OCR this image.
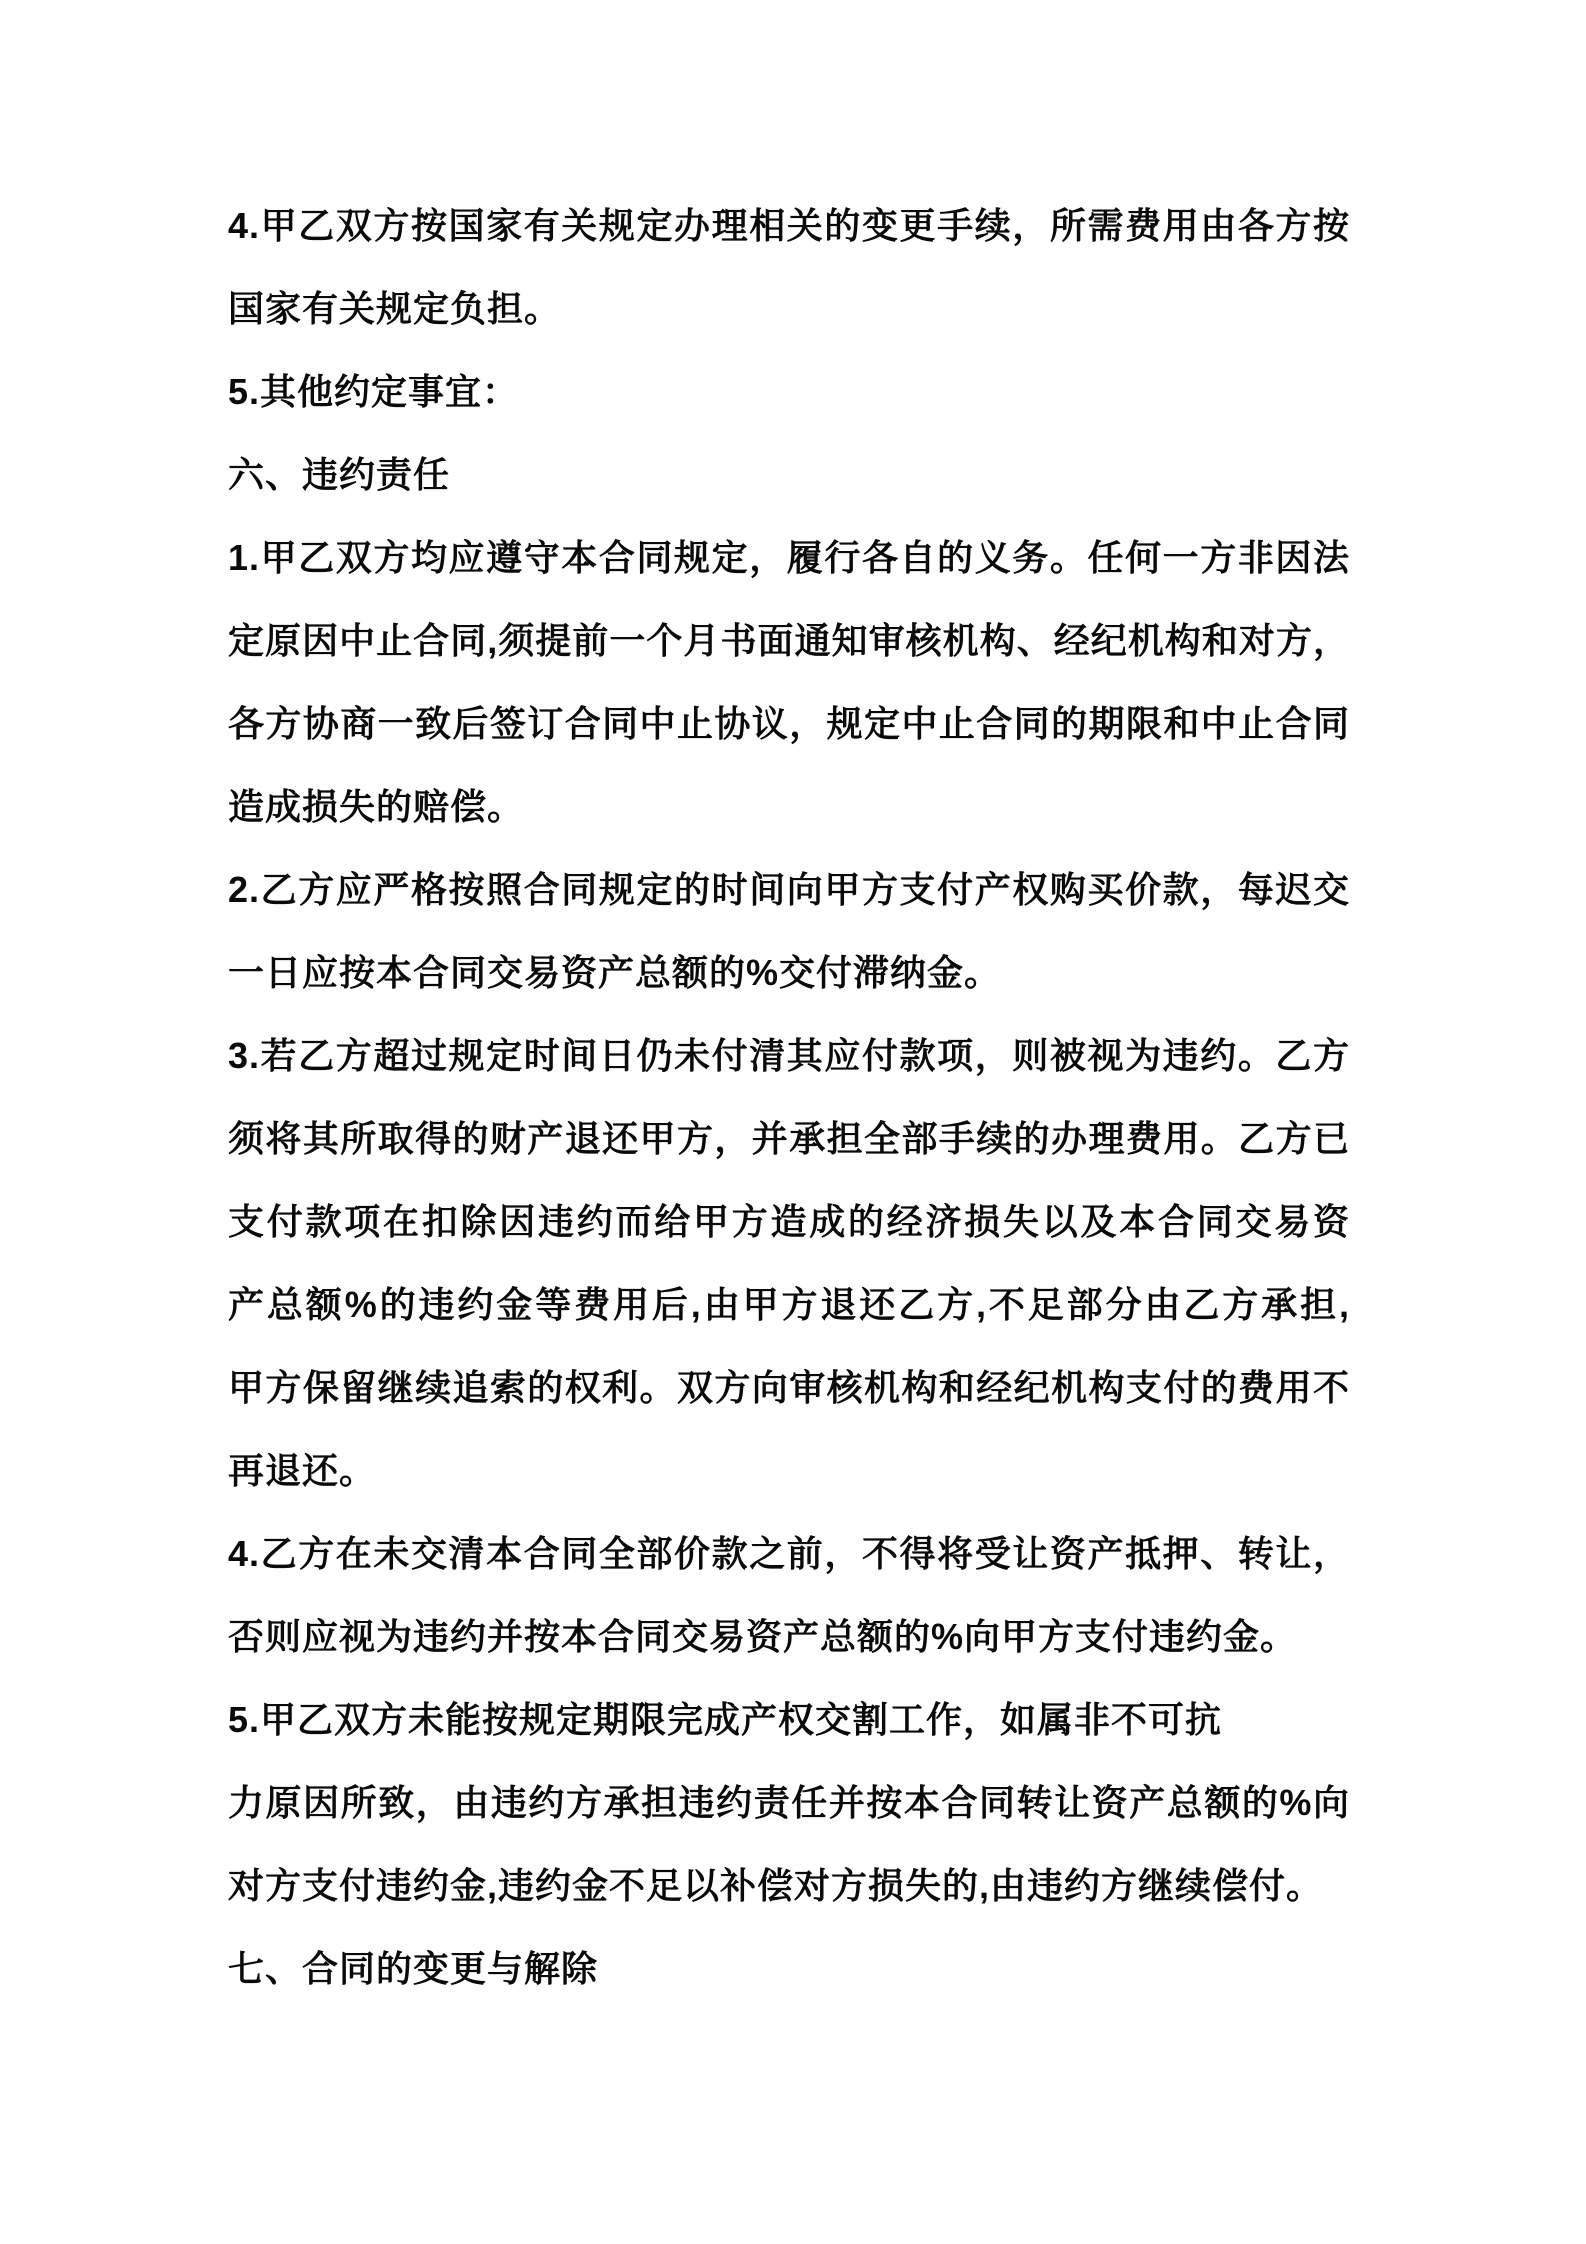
4.甲乙双方按国家有关规定办理相关的变更手续，所需费用由各方按
国家有关规定负担。
5.其他约定事宜：
六、违约责任
1.甲乙双方均应遵守本合同规定，履行各自的义务。任何一方非因法
定原因中止合同,须提前一个月书面通知审核机构、经纪机构和对方，
各方协商一致后签订合同中止协议，规定中止合同的期限和中止合同
造成损失的赔偿。
2.乙方应严格按照合同规定的时间向甲方支付产权购买价款，每迟交
一日应按本合同交易资产总额的%交付滞纳金。
3.若乙方超过规定时间日仍未付清其应付款项，则被视为违约。乙方
须将其所取得的财产退还甲方，并承担全部手续的办理费用。乙方已
支付款项在扣除因违约而给甲方造成的经济损失以及本合同交易资
产总额%的违约金等费用后,由甲方退还乙方,不足部分由乙方承担,
甲方保留继续追索的权利。双方向审核机构和经纪机构支付的费用不
再退还。
4.乙方在未交清本合同全部价款之前，不得将受让资产抵押、转让，
否则应视为违约并按本合同交易资产总额的%向甲方支付违约金。
5.甲乙双方未能按规定期限完成产权交割工作，如属非不可抗
力原因所致，由违约方承担违约责任并按本合同转让资产总额的%向
对方支付违约金,违约金不足以补偿对方损失的,由违约方继续偿付。
七、合同的变更与解除
